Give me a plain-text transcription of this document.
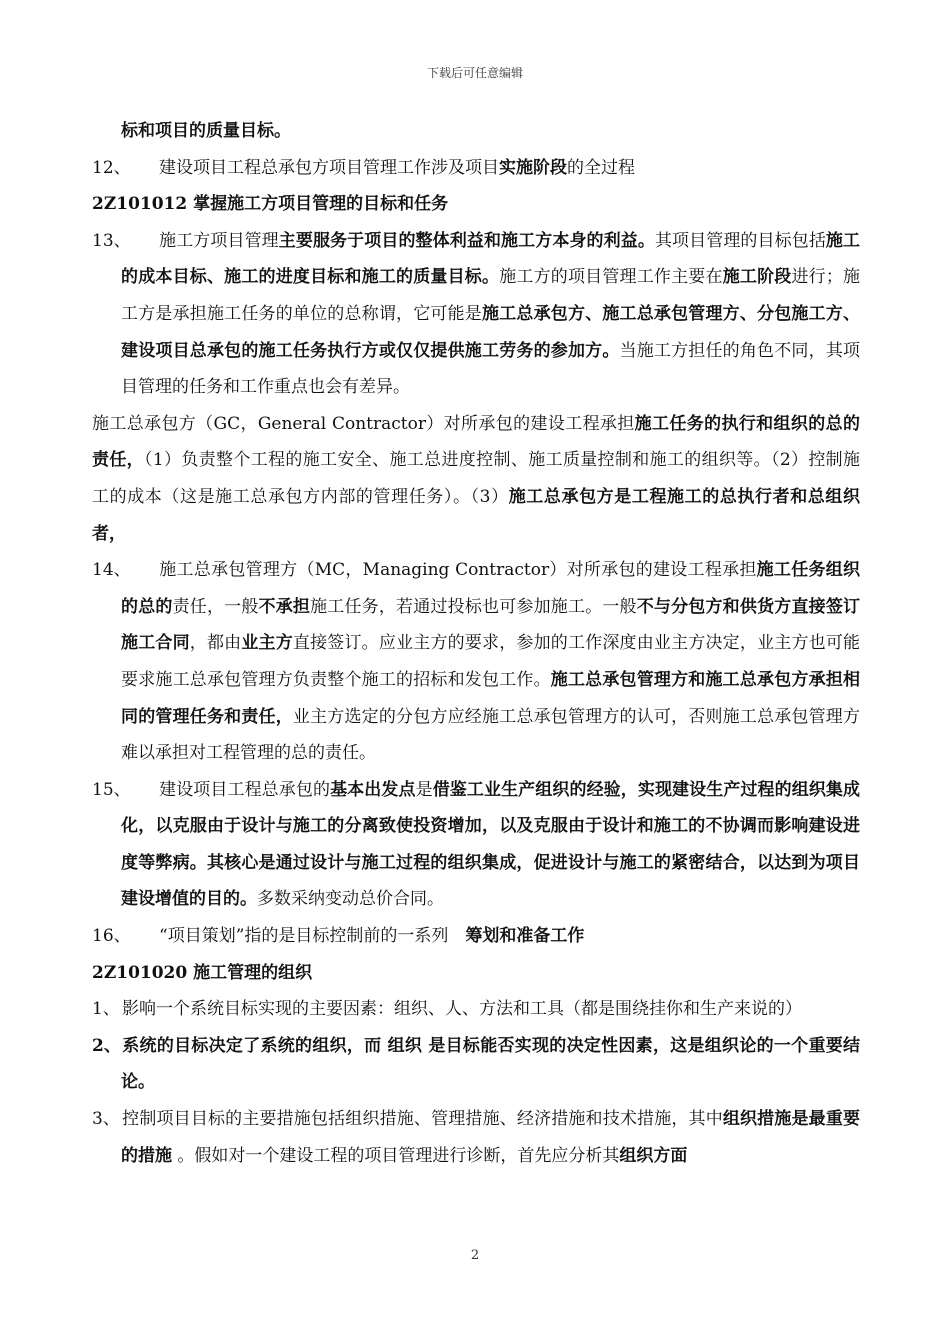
下载后可任意编辑
标和项目的质量目标。
12、 建设项目工程总承包方项目管理工作涉及项目实施阶段的全过程
2Z101012 掌握施工方项目管理的目标和任务
13、 施工方项目管理主要服务于项目的整体利益和施工方本身的利益。其项目管理的目标包括施工的成本目标、施工的进度目标和施工的质量目标。施工方的项目管理工作主要在施工阶段进行；施工方是承担施工任务的单位的总称谓，它可能是施工总承包方、施工总承包管理方、分包施工方、建设项目总承包的施工任务执行方或仅仅提供施工劳务的参加方。当施工方担任的角色不同，其项目管理的任务和工作重点也会有差异。
施工总承包方（GC，General Contractor）对所承包的建设工程承担施工任务的执行和组织的总的责任，（1）负责整个工程的施工安全、施工总进度控制、施工质量控制和施工的组织等。（2）控制施工的成本（这是施工总承包方内部的管理任务）。（3）施工总承包方是工程施工的总执行者和总组织者，
14、 施工总承包管理方（MC，Managing Contractor）对所承包的建设工程承担施工任务组织的总的责任，一般不承担施工任务，若通过投标也可参加施工。一般不与分包方和供货方直接签订施工合同，都由业主方直接签订。应业主方的要求，参加的工作深度由业主方决定，业主方也可能要求施工总承包管理方负责整个施工的招标和发包工作。施工总承包管理方和施工总承包方承担相同的管理任务和责任，业主方选定的分包方应经施工总承包管理方的认可，否则施工总承包管理方难以承担对工程管理的总的责任。
15、 建设项目工程总承包的基本出发点是借鉴工业生产组织的经验，实现建设生产过程的组织集成化，以克服由于设计与施工的分离致使投资增加，以及克服由于设计和施工的不协调而影响建设进度等弊病。其核心是通过设计与施工过程的组织集成，促进设计与施工的紧密结合，以达到为项目建设增值的目的。多数采纳变动总价合同。
16、 “项目策划”指的是目标控制前的一系列　筹划和准备工作
2Z101020 施工管理的组织
1、 影响一个系统目标实现的主要因素：组织、人、方法和工具（都是围绕挂你和生产来说的）
2、系统的目标决定了系统的组织，而 组织 是目标能否实现的决定性因素，这是组织论的一个重要结论。
3、 控制项目目标的主要措施包括组织措施、管理措施、经济措施和技术措施，其中组织措施是最重要的措施 。假如对一个建设工程的项目管理进行诊断，首先应分析其组织方面
2
